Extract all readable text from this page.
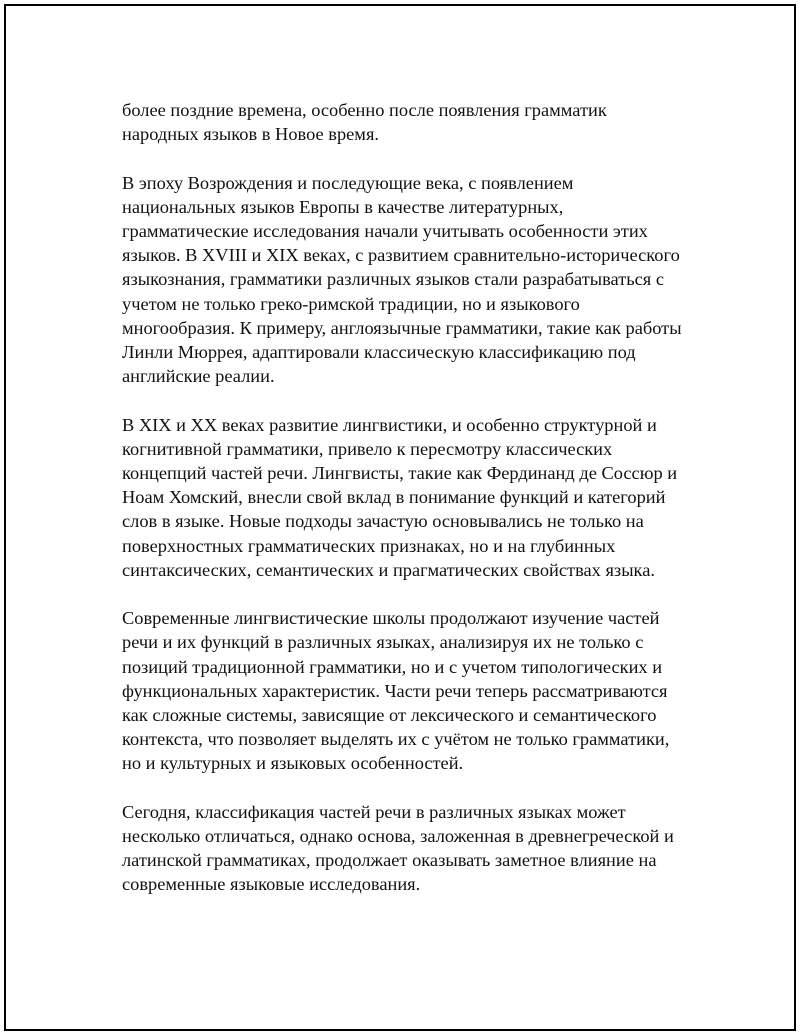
более поздние времена, особенно после появления грамматик
народных языков в Новое время.

В эпоху Возрождения и последующие века, с появлением
национальных языков Европы в качестве литературных,
грамматические исследования начали учитывать особенности этих
языков. В XVIII и XIX веках, с развитием сравнительно-исторического
языкознания, грамматики различных языков стали разрабатываться с
учетом не только греко-римской традиции, но и языкового
многообразия. К примеру, англоязычные грамматики, такие как работы
Линли Мюррея, адаптировали классическую классификацию под
английские реалии.

В XIX и XX веках развитие лингвистики, и особенно структурной и
когнитивной грамматики, привело к пересмотру классических
концепций частей речи. Лингвисты, такие как Фердинанд де Соссюр и
Ноам Хомский, внесли свой вклад в понимание функций и категорий
слов в языке. Новые подходы зачастую основывались не только на
поверхностных грамматических признаках, но и на глубинных
синтаксических, семантических и прагматических свойствах языка.

Современные лингвистические школы продолжают изучение частей
речи и их функций в различных языках, анализируя их не только с
позиций традиционной грамматики, но и с учетом типологических и
функциональных характеристик. Части речи теперь рассматриваются
как сложные системы, зависящие от лексического и семантического
контекста, что позволяет выделять их с учётом не только грамматики,
но и культурных и языковых особенностей.

Сегодня, классификация частей речи в различных языках может
несколько отличаться, однако основа, заложенная в древнегреческой и
латинской грамматиках, продолжает оказывать заметное влияние на
современные языковые исследования.
